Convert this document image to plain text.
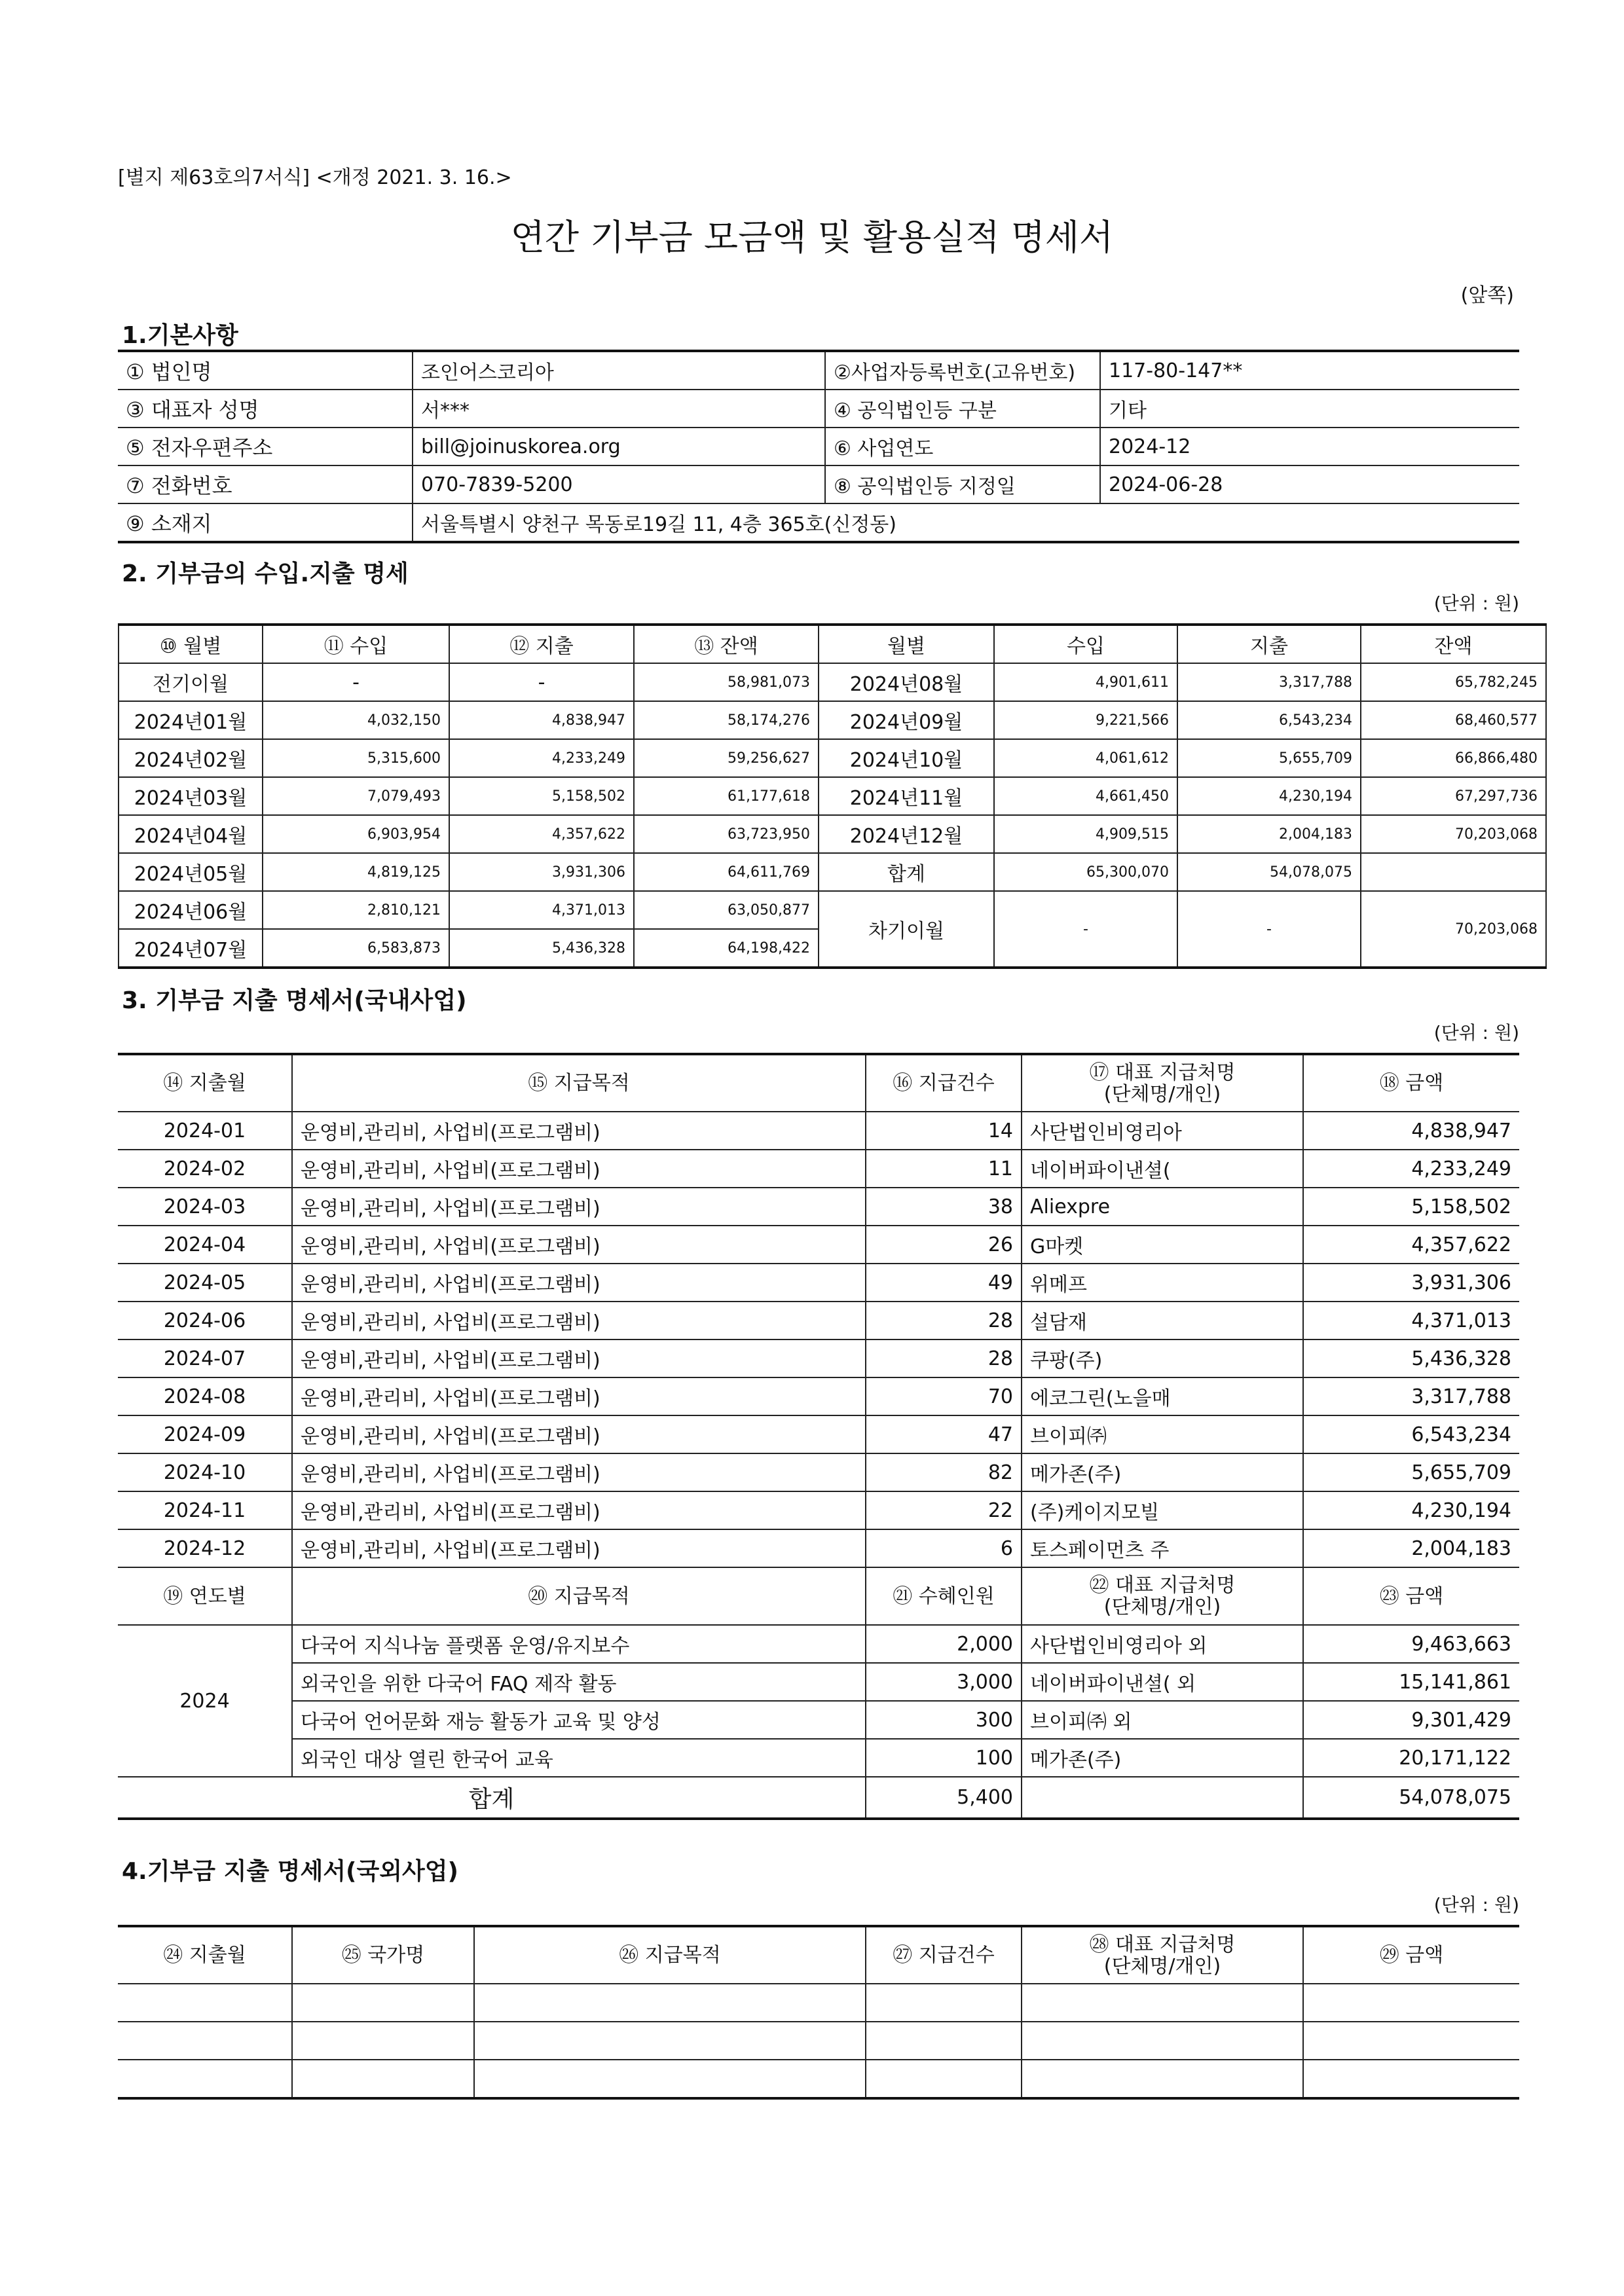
[별지 제63호의7서식] <개정 2021. 3. 16.>
연간 기부금 모금액 및 활용실적 명세서
(앞쪽)
1.기본사항
① 법인명	조인어스코리아	②사업자등록번호(고유번호)	117-80-147**
③ 대표자 성명	서***	④ 공익법인등 구분	기타
⑤ 전자우편주소	bill@joinuskorea.org	⑥ 사업연도	2024-12
⑦ 전화번호	070-7839-5200	⑧ 공익법인등 지정일	2024-06-28
⑨ 소재지	서울특별시 양천구 목동로19길 11, 4층 365호(신정동)		
2. 기부금의 수입.지출 명세
(단위 : 원)
⑩ 월별	⑪ 수입	⑫ 지출	⑬ 잔액	월별	수입	지출	잔액
전기이월	-	-	58,981,073	2024년08월	4,901,611	3,317,788	65,782,245
2024년01월	4,032,150	4,838,947	58,174,276	2024년09월	9,221,566	6,543,234	68,460,577
2024년02월	5,315,600	4,233,249	59,256,627	2024년10월	4,061,612	5,655,709	66,866,480
2024년03월	7,079,493	5,158,502	61,177,618	2024년11월	4,661,450	4,230,194	67,297,736
2024년04월	6,903,954	4,357,622	63,723,950	2024년12월	4,909,515	2,004,183	70,203,068
2024년05월	4,819,125	3,931,306	64,611,769	합계	65,300,070	54,078,075	
2024년06월	2,810,121	4,371,013	63,050,877	차기이월	-	-	70,203,068
2024년07월	6,583,873	5,436,328	64,198,422				
3. 기부금 지출 명세서(국내사업)
(단위 : 원)
⑭ 지출월	⑮ 지급목적	⑯ 지급건수	⑰ 대표 지급처명
(단체명/개인)	⑱ 금액
2024-01	운영비,관리비, 사업비(프로그램비)	14	사단법인비영리아	4,838,947
2024-02	운영비,관리비, 사업비(프로그램비)	11	네이버파이낸셜(	4,233,249
2024-03	운영비,관리비, 사업비(프로그램비)	38	Aliexpre	5,158,502
2024-04	운영비,관리비, 사업비(프로그램비)	26	G마켓	4,357,622
2024-05	운영비,관리비, 사업비(프로그램비)	49	위메프	3,931,306
2024-06	운영비,관리비, 사업비(프로그램비)	28	설담재	4,371,013
2024-07	운영비,관리비, 사업비(프로그램비)	28	쿠팡(주)	5,436,328
2024-08	운영비,관리비, 사업비(프로그램비)	70	에코그린(노을매	3,317,788
2024-09	운영비,관리비, 사업비(프로그램비)	47	브이피㈜	6,543,234
2024-10	운영비,관리비, 사업비(프로그램비)	82	메가존(주)	5,655,709
2024-11	운영비,관리비, 사업비(프로그램비)	22	(주)케이지모빌	4,230,194
2024-12	운영비,관리비, 사업비(프로그램비)	6	토스페이먼츠 주	2,004,183
⑲ 연도별	⑳ 지급목적	㉑ 수혜인원	㉒ 대표 지급처명
(단체명/개인)	㉓ 금액
2024	다국어 지식나눔 플랫폼 운영/유지보수	2,000	사단법인비영리아 외	9,463,663
	외국인을 위한 다국어 FAQ 제작 활동	3,000	네이버파이낸셜( 외	15,141,861
	다국어 언어문화 재능 활동가 교육 및 양성	300	브이피㈜ 외	9,301,429
	외국인 대상 열린 한국어 교육	100	메가존(주)	20,171,122
합계		5,400		54,078,075
4.기부금 지출 명세서(국외사업)
(단위 : 원)
㉔ 지출월	㉕ 국가명	㉖ 지급목적	㉗ 지급건수	㉘ 대표 지급처명
(단체명/개인)	㉙ 금액
